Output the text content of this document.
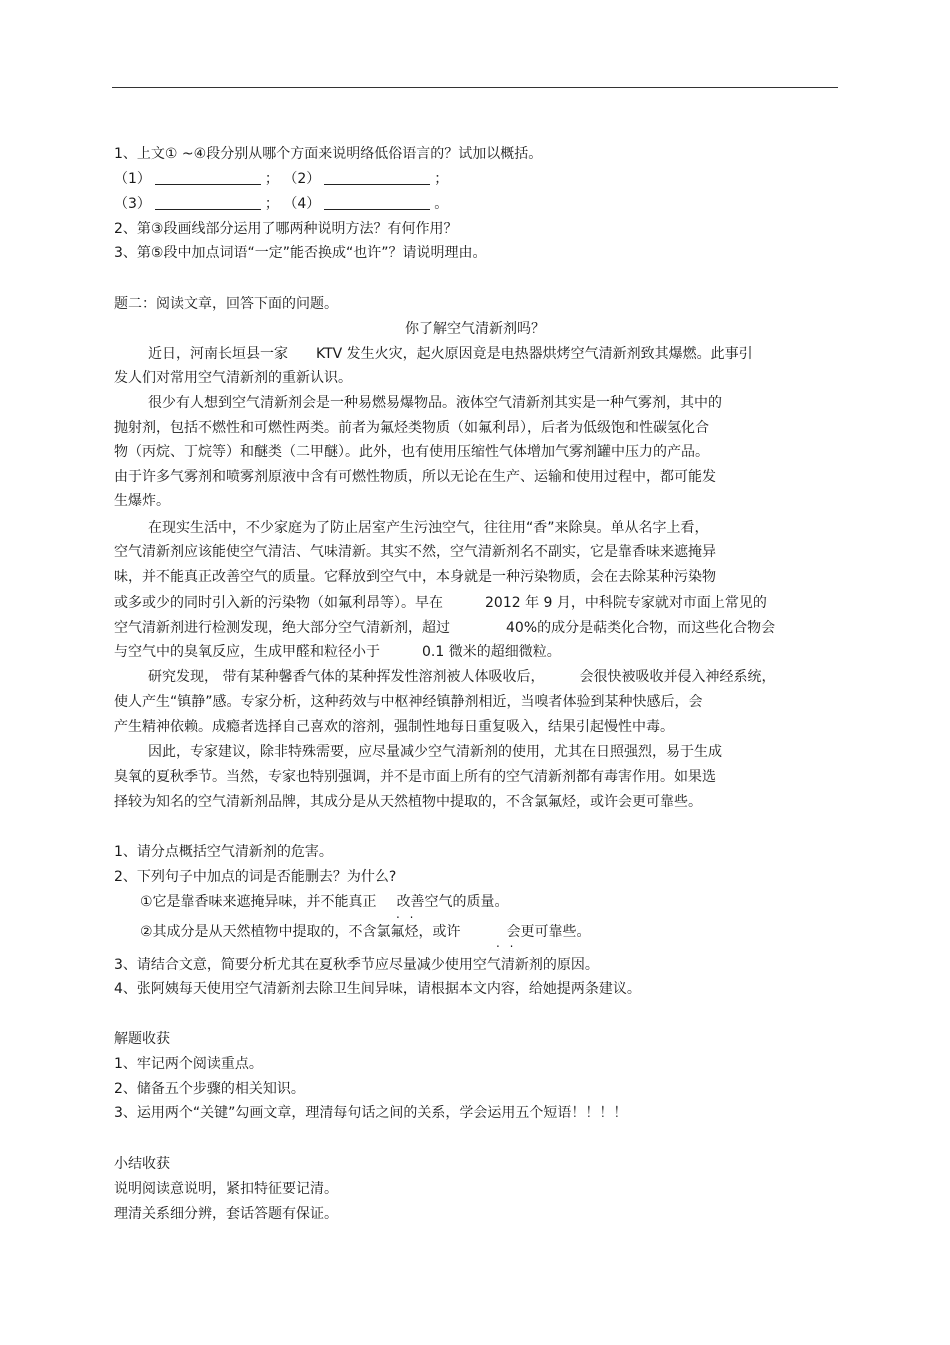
1、上文① ~④段分别从哪个方面来说明络低俗语言的？试加以概括。
（1）	； （2）	；
（3）	； （4）	。
2、第③段画线部分运用了哪两种说明方法？有何作用？
3、第⑤段中加点词语“一定”能否换成“也许”？请说明理由。
题二：阅读文章，回答下面的问题。
你了解空气清新剂吗？
近日，河南长垣县一家　　KTV 发生火灾，起火原因竟是电热器烘烤空气清新剂致其爆燃。此事引
发人们对常用空气清新剂的重新认识。
很少有人想到空气清新剂会是一种易燃易爆物品。液体空气清新剂其实是一种气雾剂，其中的
抛射剂，包括不燃性和可燃性两类。前者为氟烃类物质（如氟利昂），后者为低级饱和性碳氢化合
物（丙烷、丁烷等）和醚类（二甲醚）。此外，也有使用压缩性气体增加气雾剂罐中压力的产品。
由于许多气雾剂和喷雾剂原液中含有可燃性物质，所以无论在生产、运输和使用过程中，都可能发
生爆炸。
在现实生活中，不少家庭为了防止居室产生污浊空气，往往用“香”来除臭。单从名字上看，
空气清新剂应该能使空气清洁、气味清新。其实不然，空气清新剂名不副实，它是靠香味来遮掩异
味，并不能真正改善空气的质量。它释放到空气中，本身就是一种污染物质，会在去除某种污染物
或多或少的同时引入新的污染物（如氟利昂等）。早在　　　2012 年 9 月，中科院专家就对市面上常见的
空气清新剂进行检测发现，绝大部分空气清新剂，超过　　　　40%的成分是萜类化合物，而这些化合物会
与空气中的臭氧反应，生成甲醛和粒径小于　　　0.1 微米的超细微粒。
研究发现， 带有某种馨香气体的某种挥发性溶剂被人体吸收后，　　　会很快被吸收并侵入神经系统，
使人产生“镇静”感。专家分析，这种药效与中枢神经镇静剂相近，当嗅者体验到某种快感后，会
产生精神依赖。成瘾者选择自己喜欢的溶剂，强制性地每日重复吸入，结果引起慢性中毒。
因此，专家建议，除非特殊需要，应尽量减少空气清新剂的使用，尤其在日照强烈，易于生成
臭氧的夏秋季节。当然，专家也特别强调，并不是市面上所有的空气清新剂都有毒害作用。如果选
择较为知名的空气清新剂品牌，其成分是从天然植物中提取的，不含氯氟烃，或许会更可靠些。
1、请分点概括空气清新剂的危害。
2、下列句子中加点的词是否能删去？为什么?
①它是靠香味来遮掩异味，并不能真正 改善空气的质量。
. .
②其成分是从天然植物中提取的，不含氯氟烃，或许	会更可靠些。
. .
3、请结合文意，简要分析尤其在夏秋季节应尽量减少使用空气清新剂的原因。
4、张阿姨每天使用空气清新剂去除卫生间异味，请根据本文内容，给她提两条建议。
解题收获
1、牢记两个阅读重点。
2、储备五个步骤的相关知识。
3、运用两个“关键”勾画文章，理清每句话之间的关系，学会运用五个短语！！！！
小结收获
说明阅读意说明，紧扣特征要记清。
理清关系细分辨，套话答题有保证。
